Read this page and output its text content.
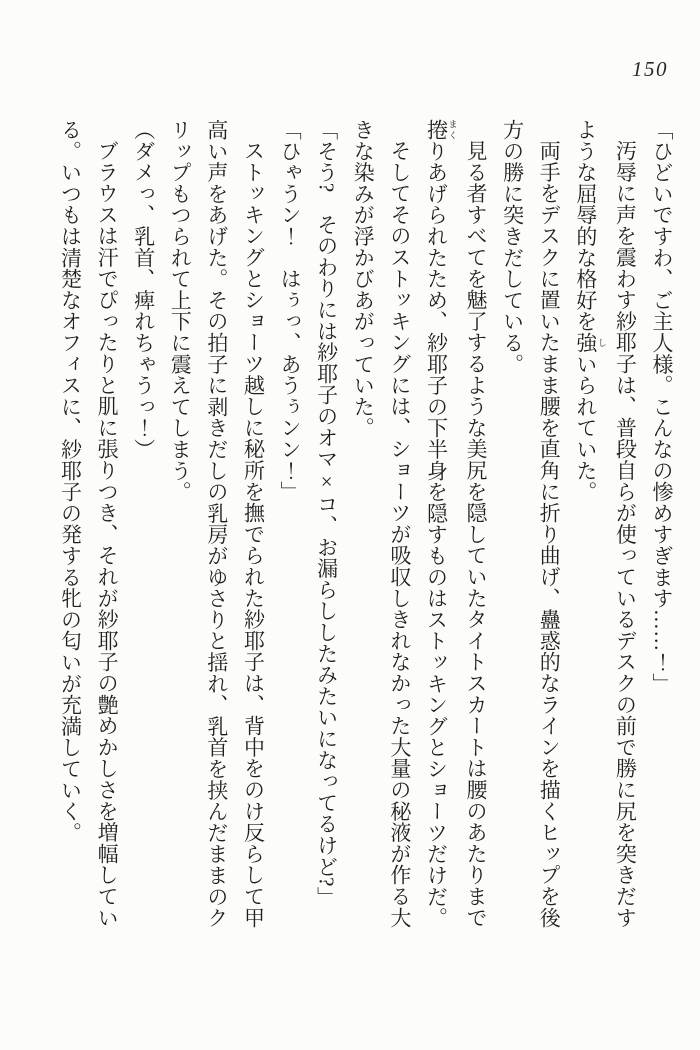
150

「ひどいですわ、ご主人様。こんなの惨めすぎます……！」

汚辱に声を震わす紗耶子は、普段自らが使っているデスクの前で勝に尻を突きだす

ような屈辱的な格好を強 しいられていた。

両手をデスクに置いたまま腰を直角に折り曲げ、蠱惑的なラインを描くヒップを後

方の勝に突きだしている。

見る者すべてを魅了するような美尻を隠していたタイトスカートは腰のあたりまで

捲 まくりあげられたため、紗耶子の下半身を隠すものはストッキングとショーツだけだ。

そしてそのストッキングには、ショーツが吸収しきれなかった大量の秘液が作る大

きな染みが浮かびあがっていた。

「そう?　そのわりには紗耶子のオマ×コ、お漏らししたみたいになってるけど?」

「ひゃうン！　はぅっ、あうぅンン！」

ストッキングとショーツ越しに秘所を撫でられた紗耶子は、背中をのけ反らして甲

高い声をあげた。その拍子に剥きだしの乳房がゆさりと揺れ、乳首を挟んだままのク

リップもつられて上下に震えてしまう。

（ダメっ、乳首、痺れちゃうっ！）

ブラウスは汗でぴったりと肌に張りつき、それが紗耶子の艶めかしさを増幅してい

る。いつもは清楚なオフィスに、紗耶子の発する牝の匂いが充満していく。
